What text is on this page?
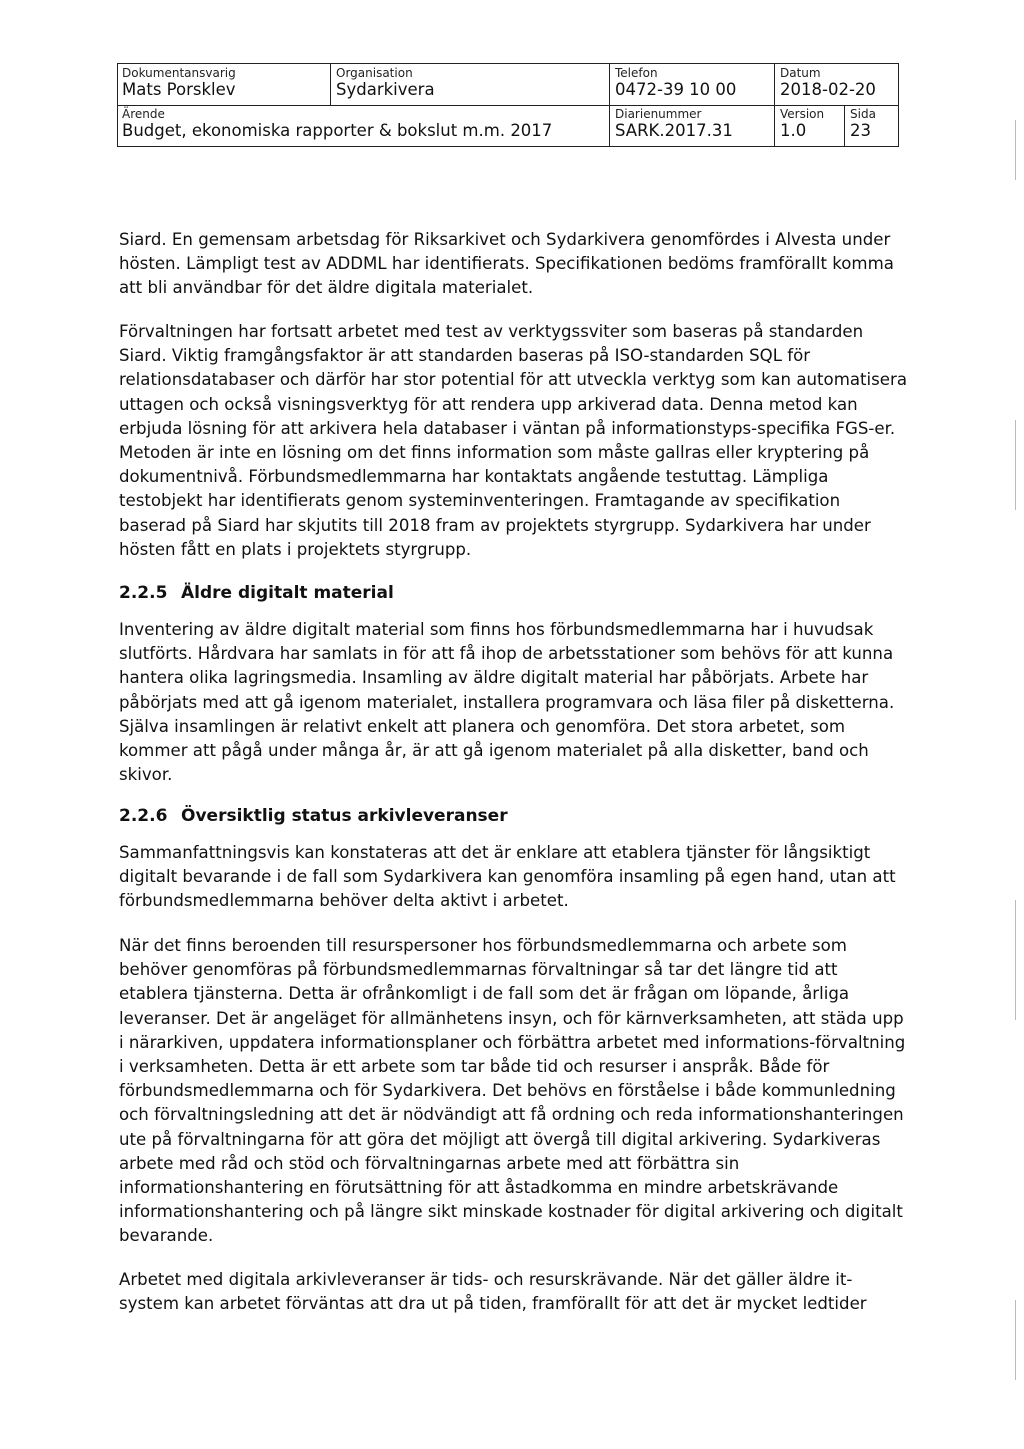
Dokumentansvarig
Mats Porsklev
Organisation
Sydarkivera
Telefon
0472-39 10 00
Datum
2018-02-20
Ärende
Budget, ekonomiska rapporter & bokslut m.m. 2017
Diarienummer
SARK.2017.31
Version
1.0
Sida
23

Siard. En gemensam arbetsdag för Riksarkivet och Sydarkivera genomfördes i Alvesta under hösten. Lämpligt test av ADDML har identifierats. Specifikationen bedöms framförallt komma att bli användbar för det äldre digitala materialet.

Förvaltningen har fortsatt arbetet med test av verktygssviter som baseras på standarden Siard. Viktig framgångsfaktor är att standarden baseras på ISO-standarden SQL för relationsdatabaser och därför har stor potential för att utveckla verktyg som kan automatisera uttagen och också visningsverktyg för att rendera upp arkiverad data. Denna metod kan erbjuda lösning för att arkivera hela databaser i väntan på informationstyps-specifika FGS-er. Metoden är inte en lösning om det finns information som måste gallras eller kryptering på dokumentnivå. Förbundsmedlemmarna har kontaktats angående testuttag. Lämpliga testobjekt har identifierats genom systeminventeringen. Framtagande av specifikation baserad på Siard har skjutits till 2018 fram av projektets styrgrupp. Sydarkivera har under hösten fått en plats i projektets styrgrupp.

2.2.5 Äldre digitalt material

Inventering av äldre digitalt material som finns hos förbundsmedlemmarna har i huvudsak slutförts. Hårdvara har samlats in för att få ihop de arbetsstationer som behövs för att kunna hantera olika lagringsmedia. Insamling av äldre digitalt material har påbörjats. Arbete har påbörjats med att gå igenom materialet, installera programvara och läsa filer på disketterna. Själva insamlingen är relativt enkelt att planera och genomföra. Det stora arbetet, som kommer att pågå under många år, är att gå igenom materialet på alla disketter, band och skivor.

2.2.6 Översiktlig status arkivleveranser

Sammanfattningsvis kan konstateras att det är enklare att etablera tjänster för långsiktigt digitalt bevarande i de fall som Sydarkivera kan genomföra insamling på egen hand, utan att förbundsmedlemmarna behöver delta aktivt i arbetet.

När det finns beroenden till resurspersoner hos förbundsmedlemmarna och arbete som behöver genomföras på förbundsmedlemmarnas förvaltningar så tar det längre tid att etablera tjänsterna. Detta är ofrånkomligt i de fall som det är frågan om löpande, årliga leveranser. Det är angeläget för allmänhetens insyn, och för kärnverksamheten, att städa upp i närarkiven, uppdatera informationsplaner och förbättra arbetet med informations-förvaltning i verksamheten. Detta är ett arbete som tar både tid och resurser i anspråk. Både för förbundsmedlemmarna och för Sydarkivera. Det behövs en förståelse i både kommunledning och förvaltningsledning att det är nödvändigt att få ordning och reda informationshanteringen ute på förvaltningarna för att göra det möjligt att övergå till digital arkivering. Sydarkiveras arbete med råd och stöd och förvaltningarnas arbete med att förbättra sin informationshantering en förutsättning för att åstadkomma en mindre arbetskrävande informationshantering och på längre sikt minskade kostnader för digital arkivering och digitalt bevarande.

Arbetet med digitala arkivleveranser är tids- och resurskrävande. När det gäller äldre it-system kan arbetet förväntas att dra ut på tiden, framförallt för att det är mycket ledtider
